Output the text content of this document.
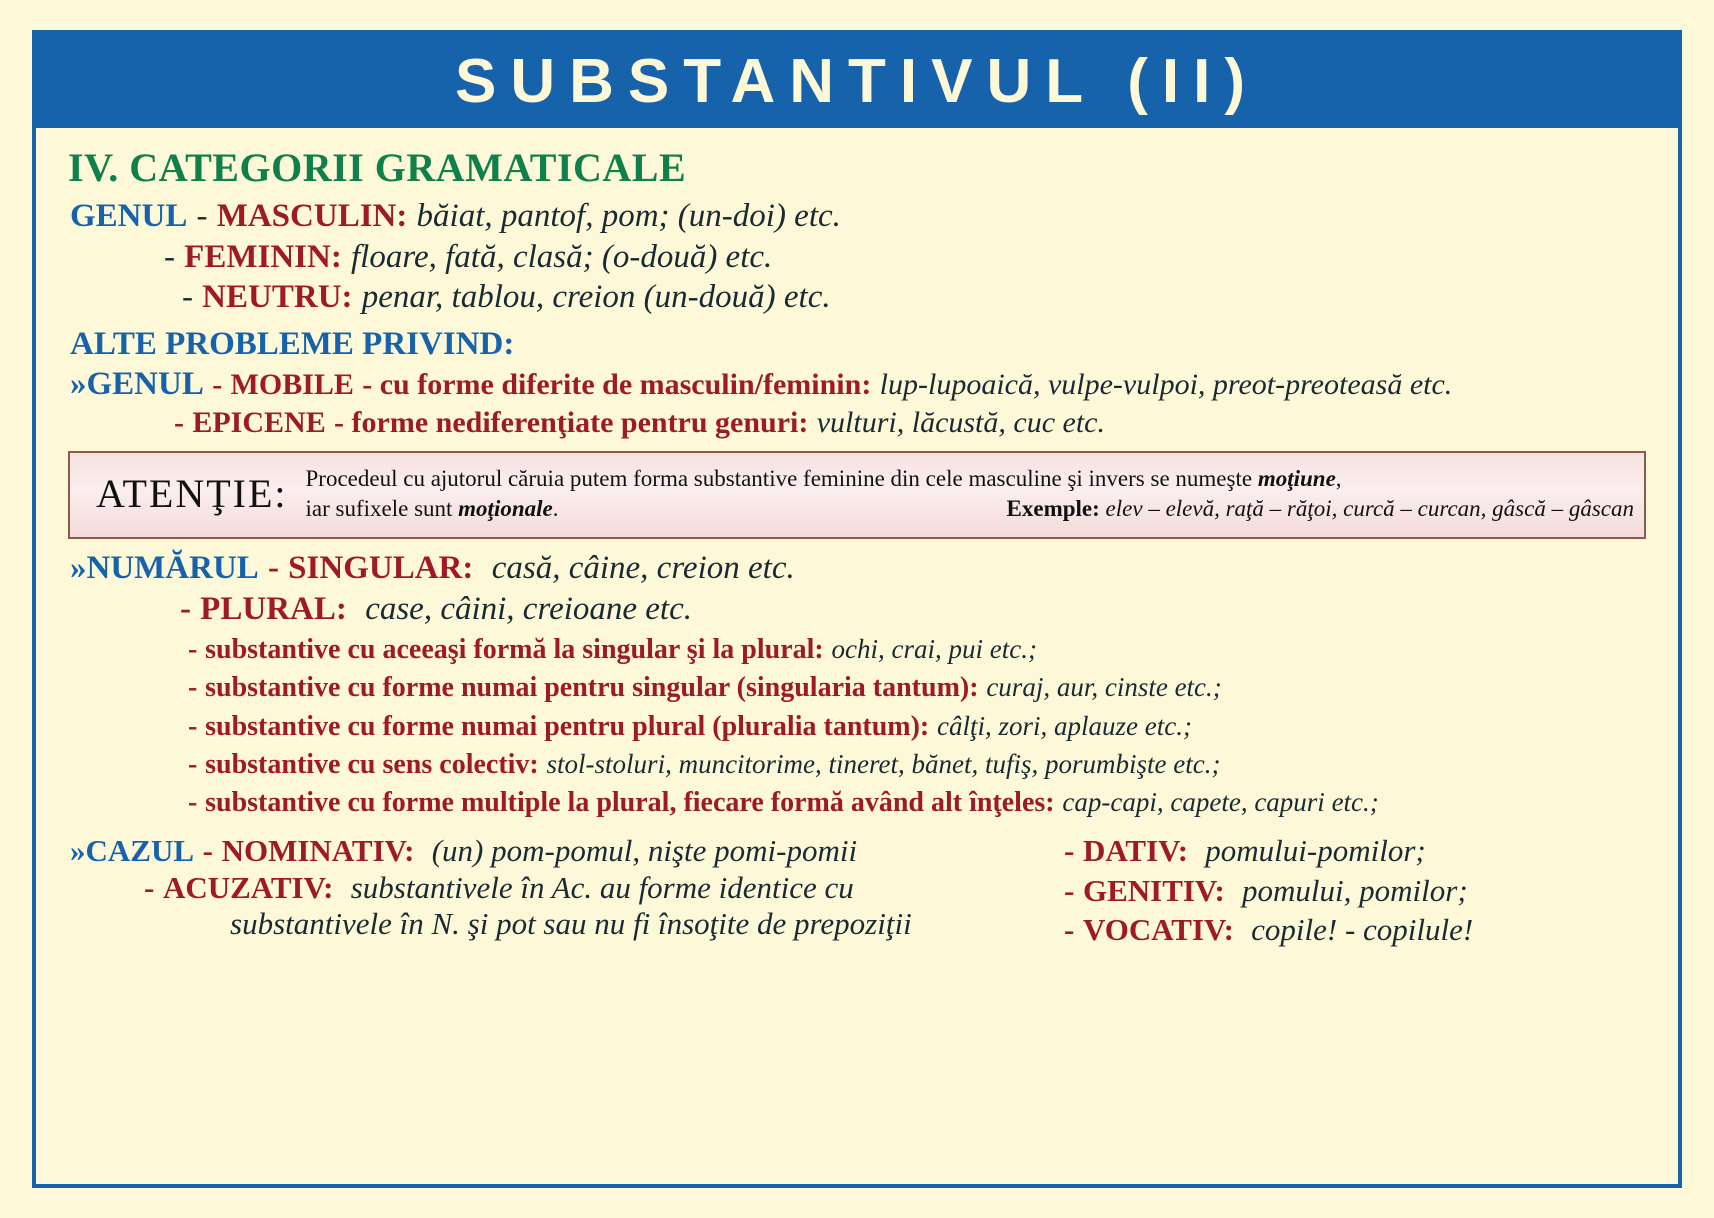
SUBSTANTIVUL (II)
IV. CATEGORII GRAMATICALE
GENUL - MASCULIN: băiat, pantof, pom; (un-doi) etc.
- FEMININ: floare, fată, clasă; (o-două) etc.
- NEUTRU: penar, tablou, creion (un-două) etc.
ALTE PROBLEME PRIVIND:
»GENUL - MOBILE - cu forme diferite de masculin/feminin: lup-lupoaică, vulpe-vulpoi, preot-preoteasă etc.
- EPICENE - forme nediferenţiate pentru genuri: vulturi, lăcustă, cuc etc.
ATENŢIE: Procedeul cu ajutorul căruia putem forma substantive feminine din cele masculine şi invers se numeşte moţiune,
iar sufixele sunt moţionale.	Exemple: elev – elevă, raţă – răţoi, curcă – curcan, gâscă – gâscan
»NUMĂRUL - SINGULAR: casă, câine, creion etc.
- PLURAL: case, câini, creioane etc.
- substantive cu aceeaşi formă la singular şi la plural: ochi, crai, pui etc.;
- substantive cu forme numai pentru singular (singularia tantum): curaj, aur, cinste etc.;
- substantive cu forme numai pentru plural (pluralia tantum): câlţi, zori, aplauze etc.;
- substantive cu sens colectiv: stol-stoluri, muncitorime, tineret, bănet, tufiş, porumbişte etc.;
- substantive cu forme multiple la plural, fiecare formă având alt înţeles: cap-capi, capete, capuri etc.;
»CAZUL - NOMINATIV: (un) pom-pomul, nişte pomi-pomii
- ACUZATIV: substantivele în Ac. au forme identice cu
substantivele în N. şi pot sau nu fi însoţite de prepoziţii
- DATIV: pomului-pomilor;
- GENITIV: pomului, pomilor;
- VOCATIV: copile! - copilule!
